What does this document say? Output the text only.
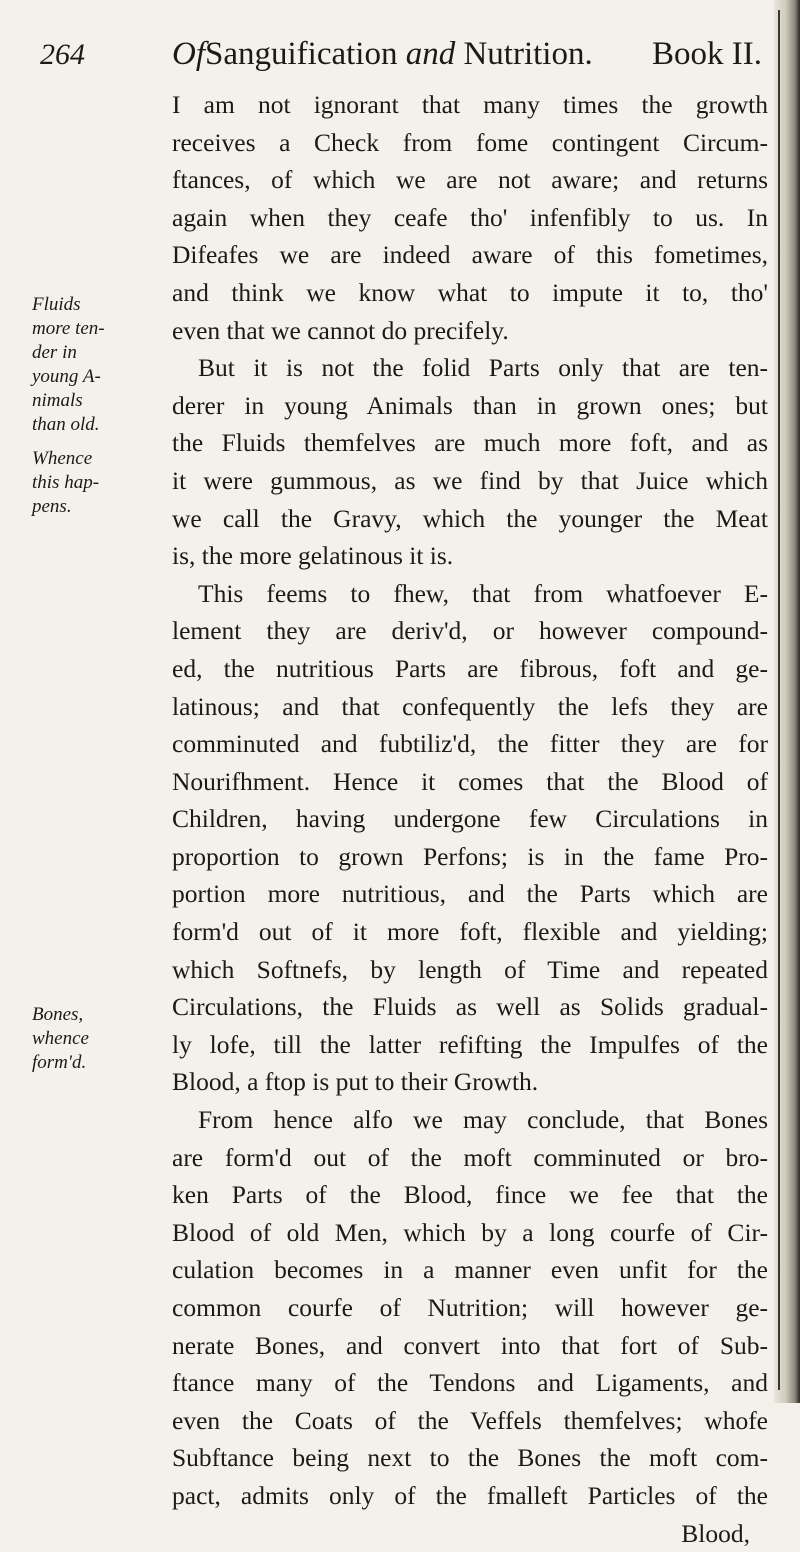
264	OfSanguification and Nutrition. Book II.
Fluids
more ten-
der in
young A-
nimals
than old.
Whence
this hap-
pens.
Bones,
whence
form'd.
I am not ignorant that many times the growth
receives a Check from fome contingent Circum-
ftances, of which we are not aware; and returns
again when they ceafe tho' infenfibly to us. In
Difeafes we are indeed aware of this fometimes,
and think we know what to impute it to, tho'
even that we cannot do precifely.
But it is not the folid Parts only that are ten-
derer in young Animals than in grown ones; but
the Fluids themfelves are much more foft, and as
it were gummous, as we find by that Juice which
we call the Gravy, which the younger the Meat
is, the more gelatinous it is.
This feems to fhew, that from whatfoever E-
lement they are deriv'd, or however compound-
ed, the nutritious Parts are fibrous, foft and ge-
latinous; and that confequently the lefs they are
comminuted and fubtiliz'd, the fitter they are for
Nourifhment. Hence it comes that the Blood of
Children, having undergone few Circulations in
proportion to grown Perfons; is in the fame Pro-
portion more nutritious, and the Parts which are
form'd out of it more foft, flexible and yielding;
which Softnefs, by length of Time and repeated
Circulations, the Fluids as well as Solids gradual-
ly lofe, till the latter refifting the Impulfes of the
Blood, a ftop is put to their Growth.
From hence alfo we may conclude, that Bones
are form'd out of the moft comminuted or bro-
ken Parts of the Blood, fince we fee that the
Blood of old Men, which by a long courfe of Cir-
culation becomes in a manner even unfit for the
common courfe of Nutrition; will however ge-
nerate Bones, and convert into that fort of Sub-
ftance many of the Tendons and Ligaments, and
even the Coats of the Veffels themfelves; whofe
Subftance being next to the Bones the moft com-
pact, admits only of the fmalleft Particles of the
Blood,
